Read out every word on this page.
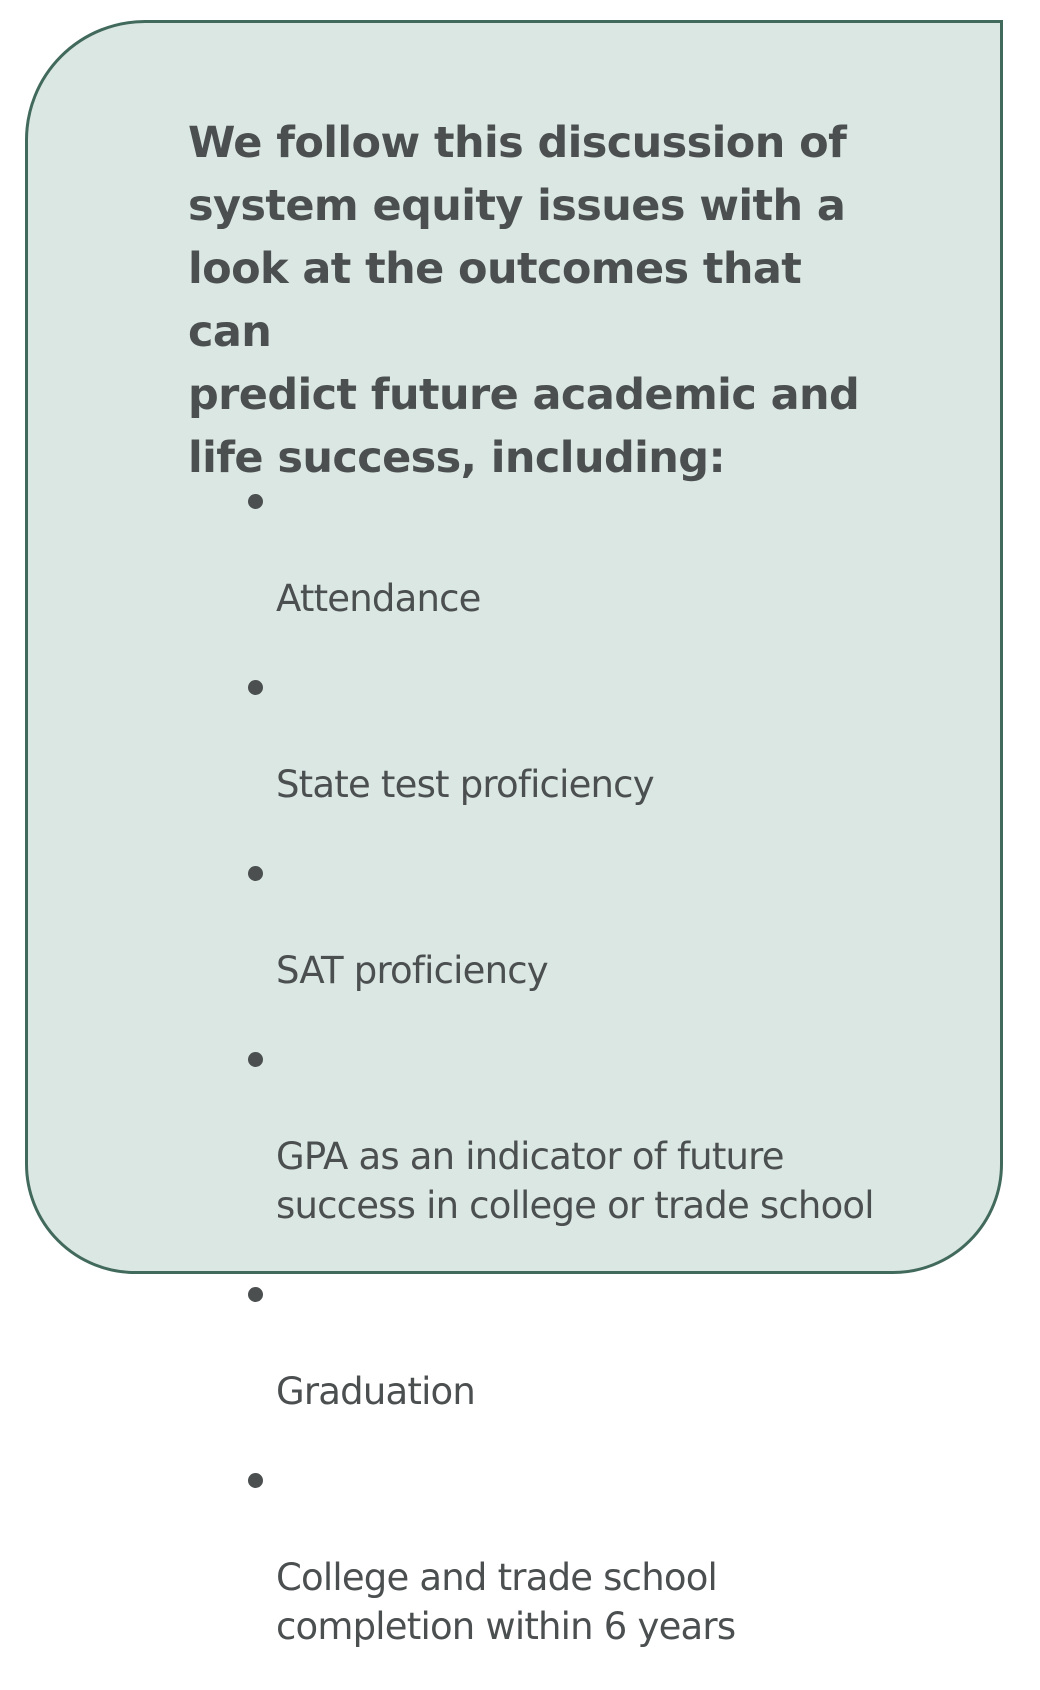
We follow this discussion of
system equity issues with a
look at the outcomes that can
predict future academic and
life success, including:

Attendance

State test proficiency

SAT proficiency

GPA as an indicator of future
success in college or trade school

Graduation

College and trade school
completion within 6 years
